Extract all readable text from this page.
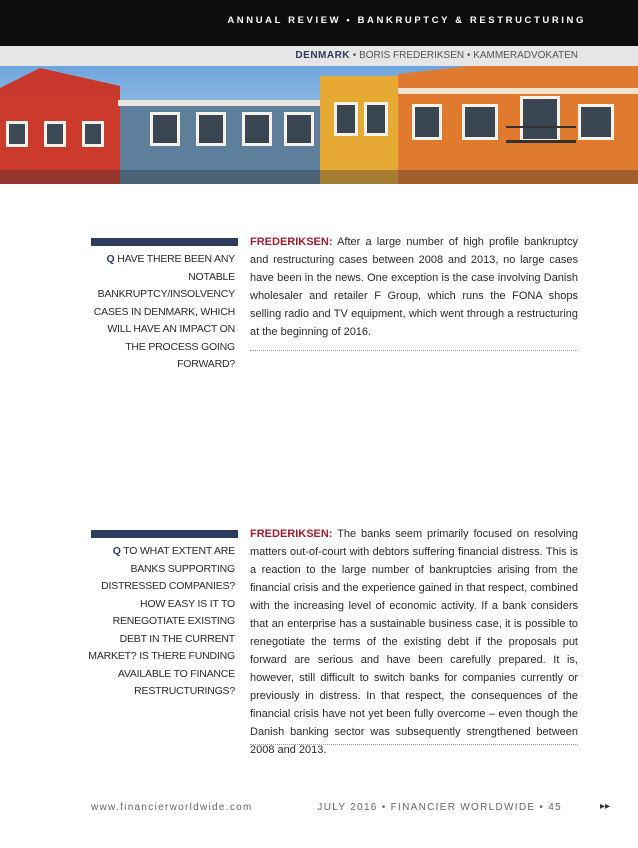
ANNUAL REVIEW • BANKRUPTCY & RESTRUCTURING
DENMARK • BORIS FREDERIKSEN • KAMMERADVOKATEN
Q HAVE THERE BEEN ANY NOTABLE BANKRUPTCY/INSOLVENCY CASES IN DENMARK, WHICH WILL HAVE AN IMPACT ON THE PROCESS GOING FORWARD?
FREDERIKSEN: After a large number of high profile bankruptcy and restructuring cases between 2008 and 2013, no large cases have been in the news. One exception is the case involving Danish wholesaler and retailer F Group, which runs the FONA shops selling radio and TV equipment, which went through a restructuring at the beginning of 2016.
Q TO WHAT EXTENT ARE BANKS SUPPORTING DISTRESSED COMPANIES? HOW EASY IS IT TO RENEGOTIATE EXISTING DEBT IN THE CURRENT MARKET? IS THERE FUNDING AVAILABLE TO FINANCE RESTRUCTURINGS?
FREDERIKSEN: The banks seem primarily focused on resolving matters out-of-court with debtors suffering financial distress. This is a reaction to the large number of bankruptcies arising from the financial crisis and the experience gained in that respect, combined with the increasing level of economic activity. If a bank considers that an enterprise has a sustainable business case, it is possible to renegotiate the terms of the existing debt if the proposals put forward are serious and have been carefully prepared. It is, however, still difficult to switch banks for companies currently or previously in distress. In that respect, the consequences of the financial crisis have not yet been fully overcome – even though the Danish banking sector was subsequently strengthened between 2008 and 2013.
www.financierworldwide.com	JULY 2016 • FINANCIER WORLDWIDE • 45	▸▸
